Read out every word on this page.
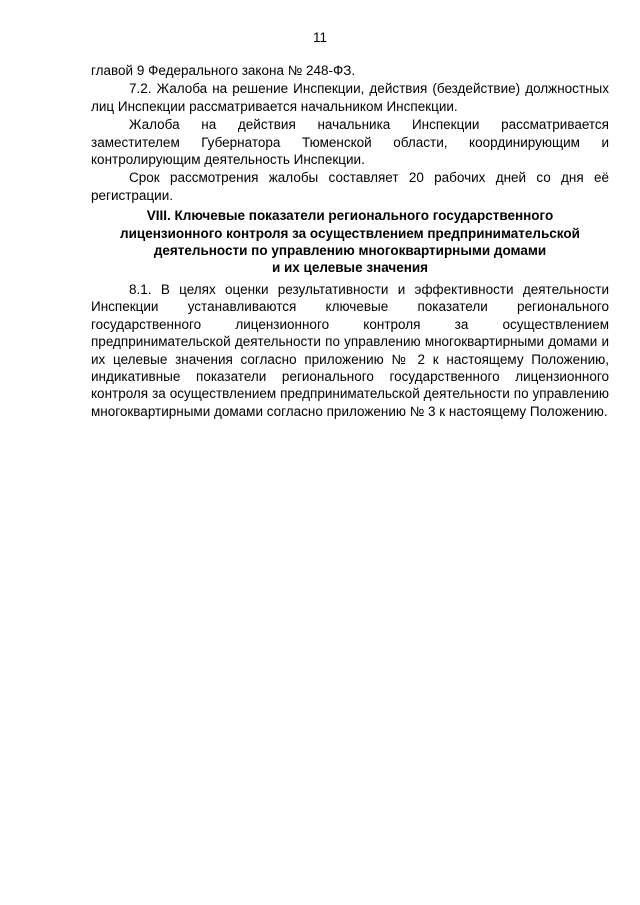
11

главой 9 Федерального закона № 248-ФЗ.

7.2. Жалоба на решение Инспекции, действия (бездействие) должностных лиц Инспекции рассматривается начальником Инспекции.

Жалоба на действия начальника Инспекции рассматривается заместителем Губернатора Тюменской области, координирующим и контролирующим деятельность Инспекции.

Срок рассмотрения жалобы составляет 20 рабочих дней со дня её регистрации.

VIII. Ключевые показатели регионального государственного
лицензионного контроля за осуществлением предпринимательской
деятельности по управлению многоквартирными домами
и их целевые значения

8.1. В целях оценки результативности и эффективности деятельности Инспекции устанавливаются ключевые показатели регионального государственного лицензионного контроля за осуществлением предпринимательской деятельности по управлению многоквартирными домами и их целевые значения согласно приложению № 2 к настоящему Положению, индикативные показатели регионального государственного лицензионного контроля за осуществлением предпринимательской деятельности по управлению многоквартирными домами согласно приложению № 3 к настоящему Положению.
